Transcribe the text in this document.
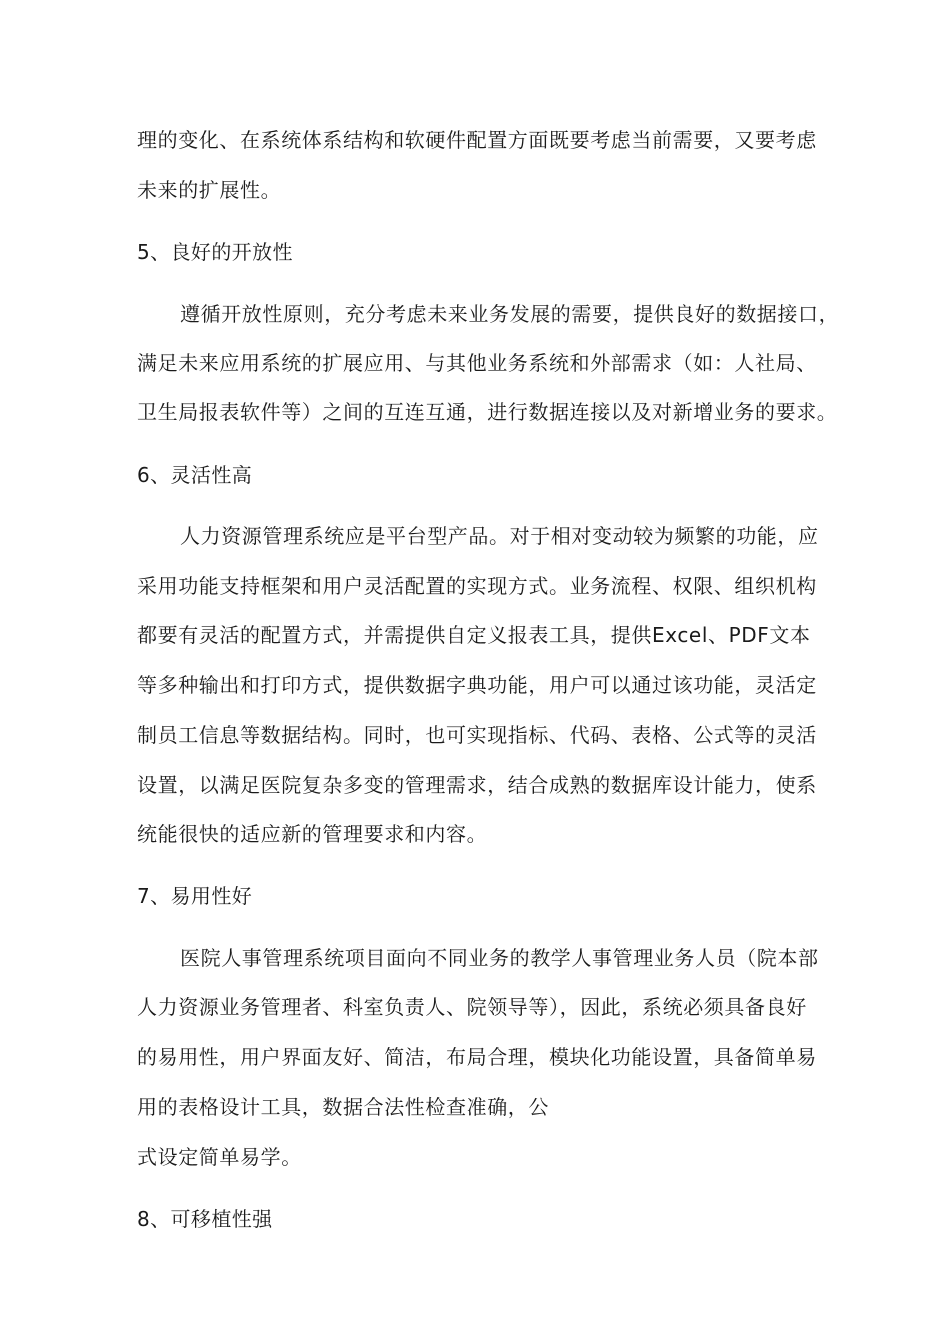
理的变化、在系统体系结构和软硬件配置方面既要考虑当前需要，又要考虑
未来的扩展性。
5、良好的开放性
遵循开放性原则，充分考虑未来业务发展的需要，提供良好的数据接口，
满足未来应用系统的扩展应用、与其他业务系统和外部需求（如：人社局、
卫生局报表软件等）之间的互连互通，进行数据连接以及对新增业务的要求。
6、灵活性高
人力资源管理系统应是平台型产品。对于相对变动较为频繁的功能，应
采用功能支持框架和用户灵活配置的实现方式。业务流程、权限、组织机构
都要有灵活的配置方式，并需提供自定义报表工具，提供Excel、PDF文本
等多种输出和打印方式，提供数据字典功能，用户可以通过该功能，灵活定
制员工信息等数据结构。同时，也可实现指标、代码、表格、公式等的灵活
设置，以满足医院复杂多变的管理需求，结合成熟的数据库设计能力，使系
统能很快的适应新的管理要求和内容。
7、易用性好
医院人事管理系统项目面向不同业务的教学人事管理业务人员（院本部
人力资源业务管理者、科室负责人、院领导等），因此，系统必须具备良好
的易用性，用户界面友好、简洁，布局合理，模块化功能设置，具备简单易
用的表格设计工具，数据合法性检查准确，公
式设定简单易学。
8、可移植性强
